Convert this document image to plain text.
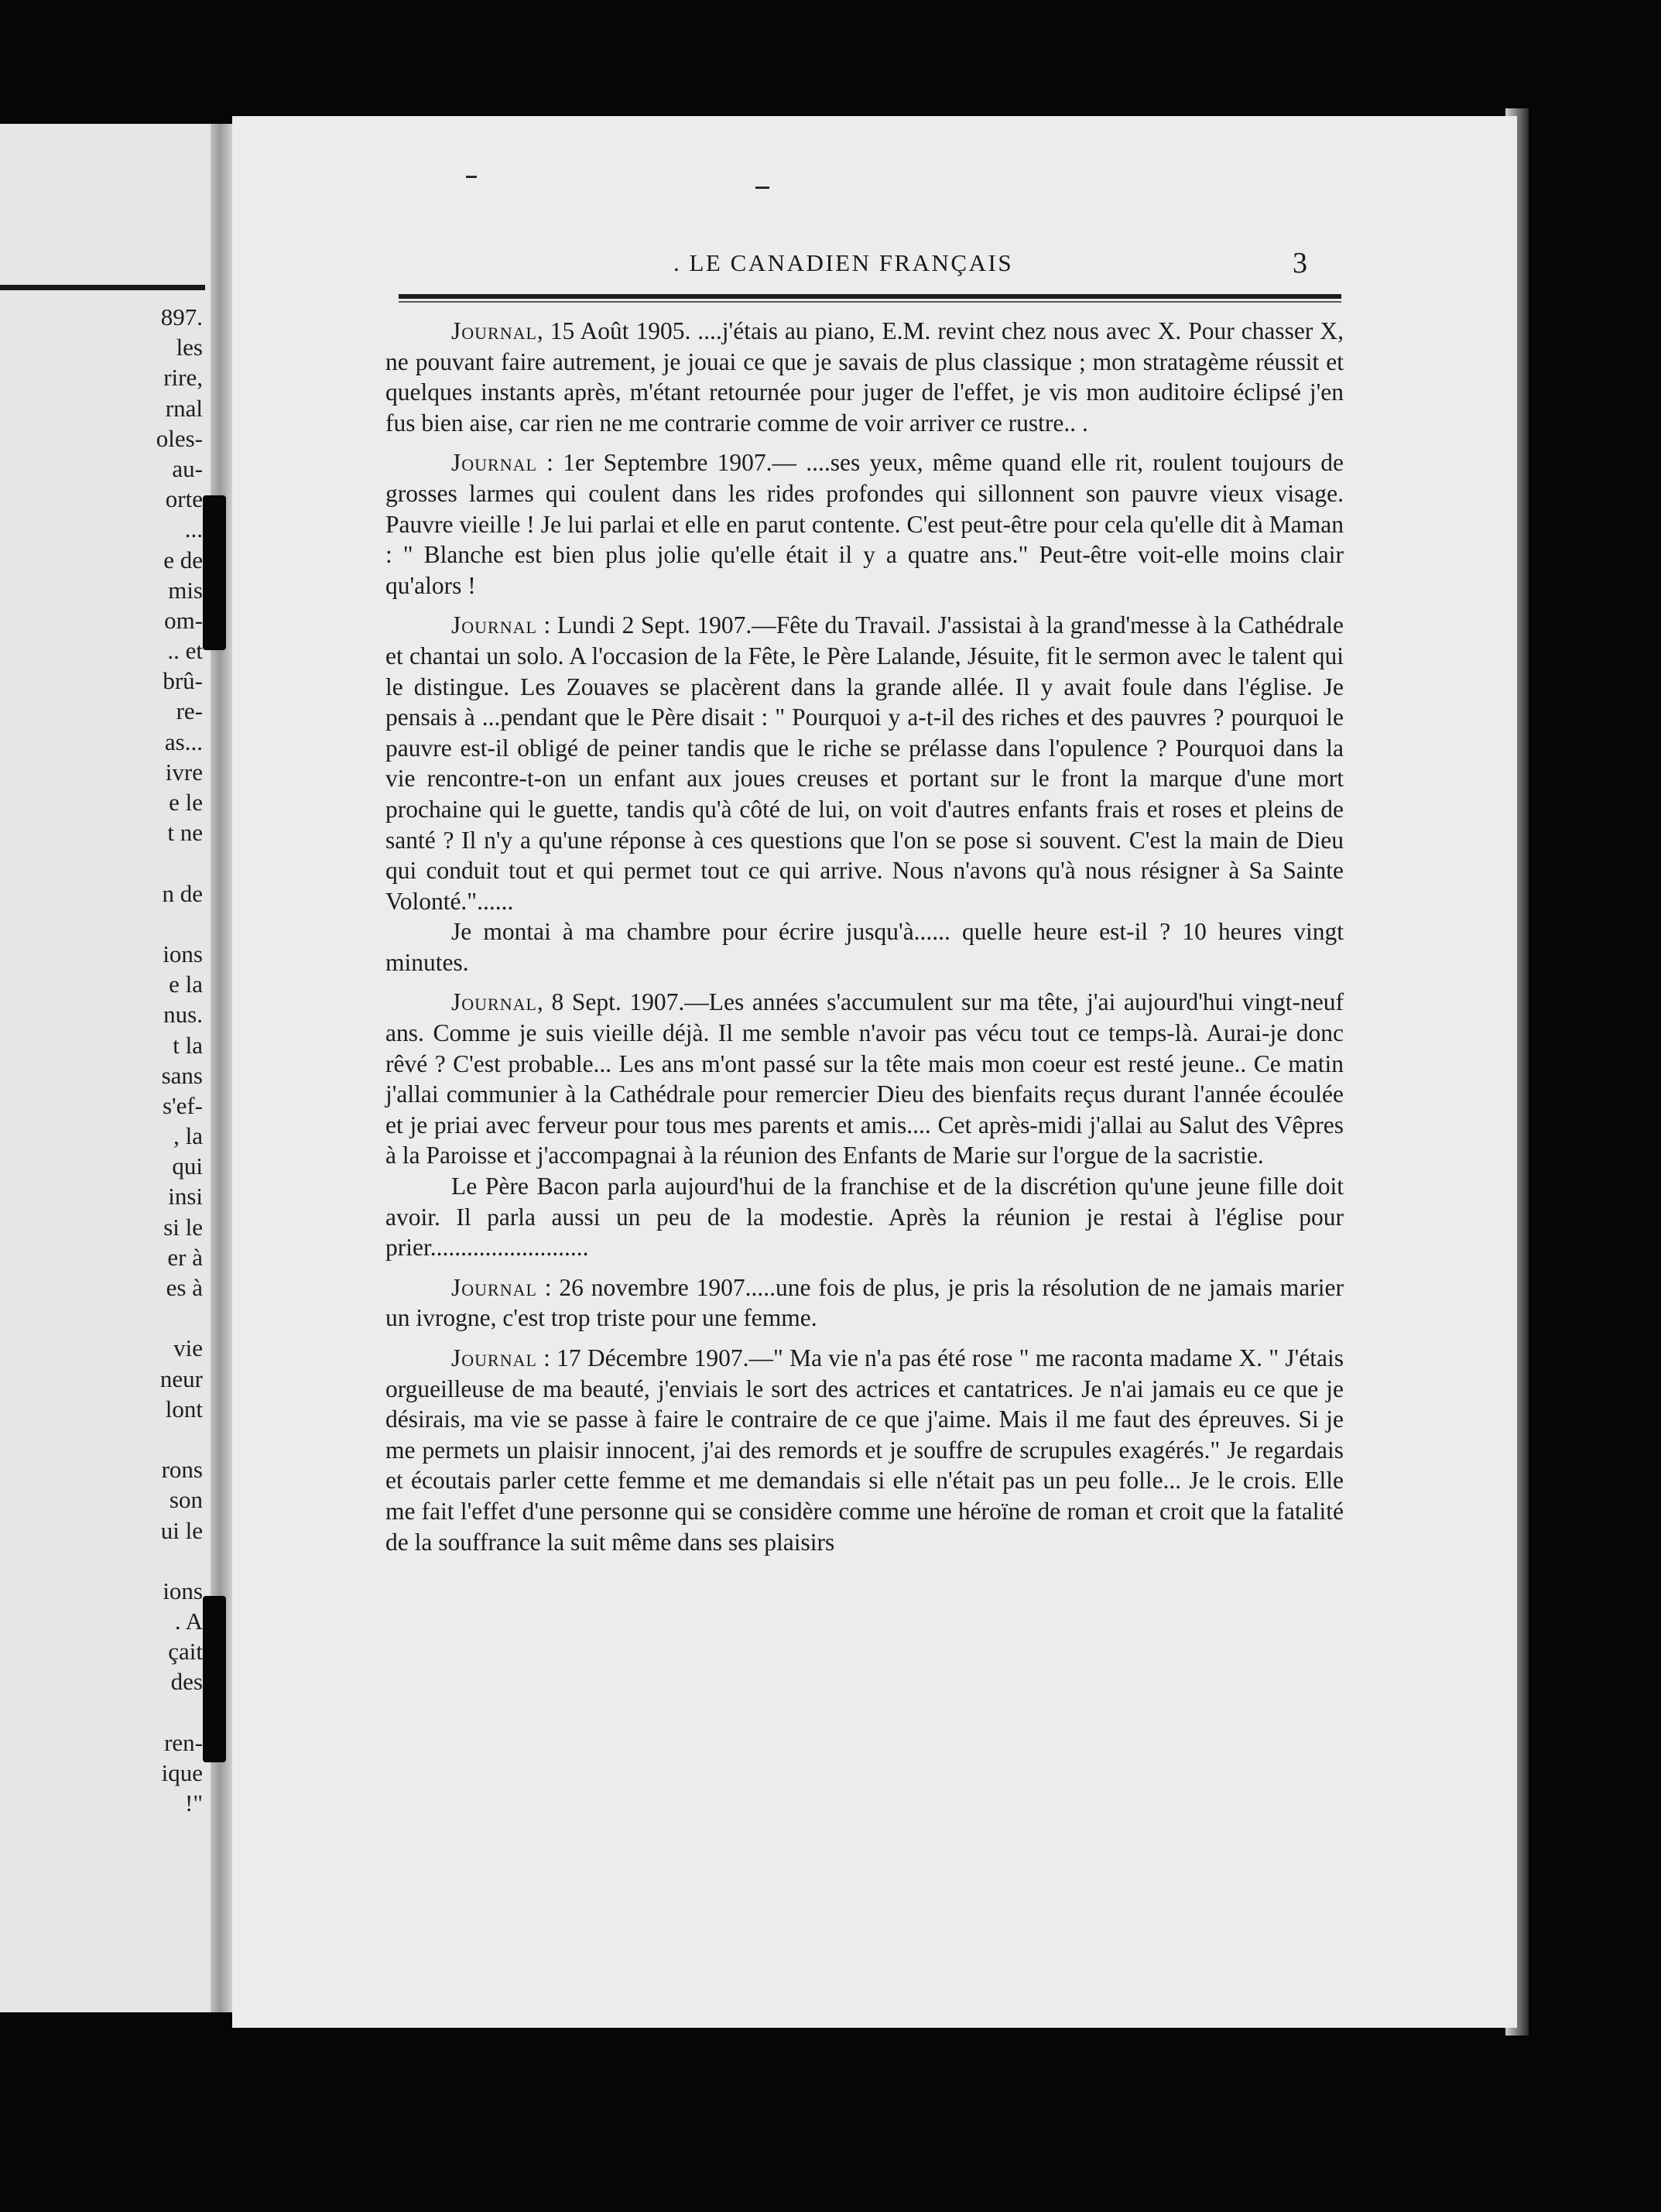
897.
les
rire,
rnal
oles-
au-
orte
...
e de
mis
om-
.. et
brû-
re-
as...
ivre
e le
t ne
n de
ions
e la
nus.
t la
sans
s'ef-
, la
qui
insi
si le
er à
es à
vie
neur
lont
rons
son
ui le
ions
. A
çait
des
ren-
ique
!"
. LE CANADIEN FRANÇAIS	3

Journal, 15 Août 1905. ....j'étais au piano, E.M. revint chez nous avec X. Pour chasser X, ne pouvant faire autrement, je jouai ce que je savais de plus classique ; mon stratagème réussit et quelques instants après, m'étant retournée pour juger de l'effet, je vis mon auditoire éclipsé j'en fus bien aise, car rien ne me contrarie comme de voir arriver ce rustre.. .

Journal : 1er Septembre 1907.— ....ses yeux, même quand elle rit, roulent toujours de grosses larmes qui coulent dans les rides profondes qui sillonnent son pauvre vieux visage. Pauvre vieille ! Je lui parlai et elle en parut contente. C'est peut-être pour cela qu'elle dit à Maman : " Blanche est bien plus jolie qu'elle était il y a quatre ans." Peut-être voit-elle moins clair qu'alors !

Journal : Lundi 2 Sept. 1907.—Fête du Travail. J'assistai à la grand'messe à la Cathédrale et chantai un solo. A l'occasion de la Fête, le Père Lalande, Jésuite, fit le sermon avec le talent qui le distingue. Les Zouaves se placèrent dans la grande allée. Il y avait foule dans l'église. Je pensais à ...pendant que le Père disait : " Pourquoi y a-t-il des riches et des pauvres ? pourquoi le pauvre est-il obligé de peiner tandis que le riche se prélasse dans l'opulence ? Pourquoi dans la vie rencontre-t-on un enfant aux joues creuses et portant sur le front la marque d'une mort prochaine qui le guette, tandis qu'à côté de lui, on voit d'autres enfants frais et roses et pleins de santé ? Il n'y a qu'une réponse à ces questions que l'on se pose si souvent. C'est la main de Dieu qui conduit tout et qui permet tout ce qui arrive. Nous n'avons qu'à nous résigner à Sa Sainte Volonté."......

Je montai à ma chambre pour écrire jusqu'à...... quelle heure est-il ? 10 heures vingt minutes.

Journal, 8 Sept. 1907.—Les années s'accumulent sur ma tête, j'ai aujourd'hui vingt-neuf ans. Comme je suis vieille déjà. Il me semble n'avoir pas vécu tout ce temps-là. Aurai-je donc rêvé ? C'est probable... Les ans m'ont passé sur la tête mais mon coeur est resté jeune.. Ce matin j'allai communier à la Cathédrale pour remercier Dieu des bienfaits reçus durant l'année écoulée et je priai avec ferveur pour tous mes parents et amis.... Cet après-midi j'allai au Salut des Vêpres à la Paroisse et j'accompagnai à la réunion des Enfants de Marie sur l'orgue de la sacristie.

Le Père Bacon parla aujourd'hui de la franchise et de la discrétion qu'une jeune fille doit avoir. Il parla aussi un peu de la modestie. Après la réunion je restai à l'église pour prier..........................

Journal : 26 novembre 1907.....une fois de plus, je pris la résolution de ne jamais marier un ivrogne, c'est trop triste pour une femme.

Journal : 17 Décembre 1907.—" Ma vie n'a pas été rose " me raconta madame X. " J'étais orgueilleuse de ma beauté, j'enviais le sort des actrices et cantatrices. Je n'ai jamais eu ce que je désirais, ma vie se passe à faire le contraire de ce que j'aime. Mais il me faut des épreuves. Si je me permets un plaisir innocent, j'ai des remords et je souffre de scrupules exagérés." Je regardais et écoutais parler cette femme et me demandais si elle n'était pas un peu folle... Je le crois. Elle me fait l'effet d'une personne qui se considère comme une héroïne de roman et croit que la fatalité de la souffrance la suit même dans ses plaisirs
